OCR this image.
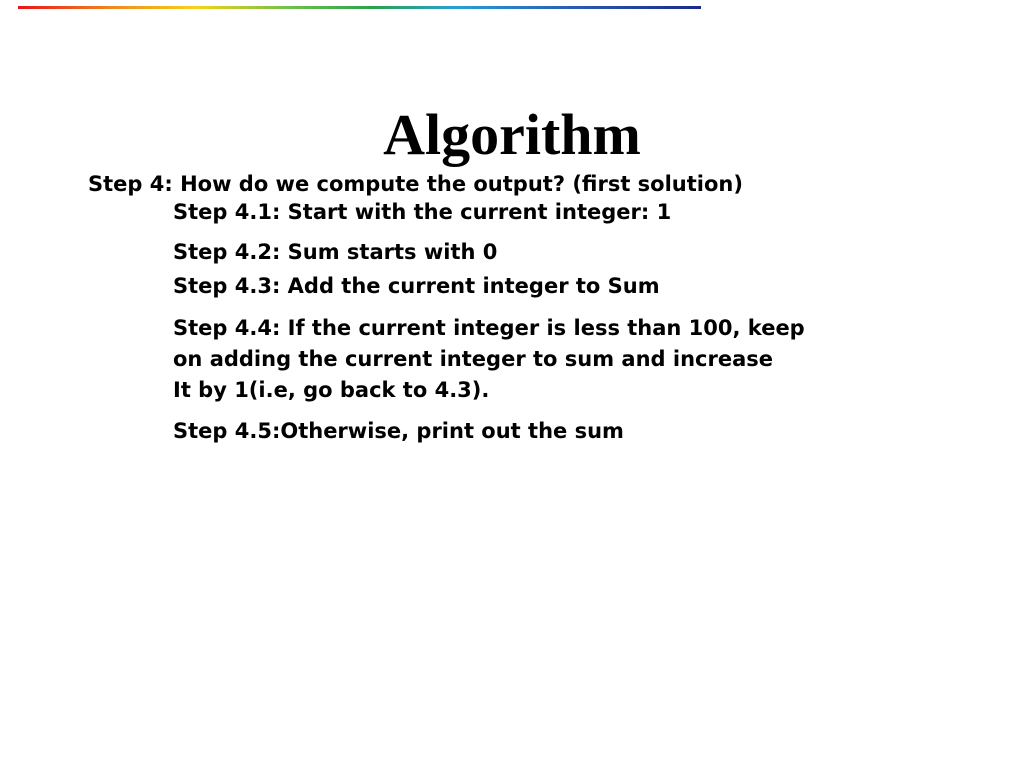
Algorithm
Step 4: How do we compute the output? (first solution)
Step 4.1: Start with the current integer: 1
Step 4.2: Sum starts with 0
Step 4.3: Add the current integer to Sum
Step 4.4: If the current integer is less than 100, keep
on adding the current integer to sum and increase
It by 1(i.e, go back to 4.3).
Step 4.5:Otherwise, print out the sum
